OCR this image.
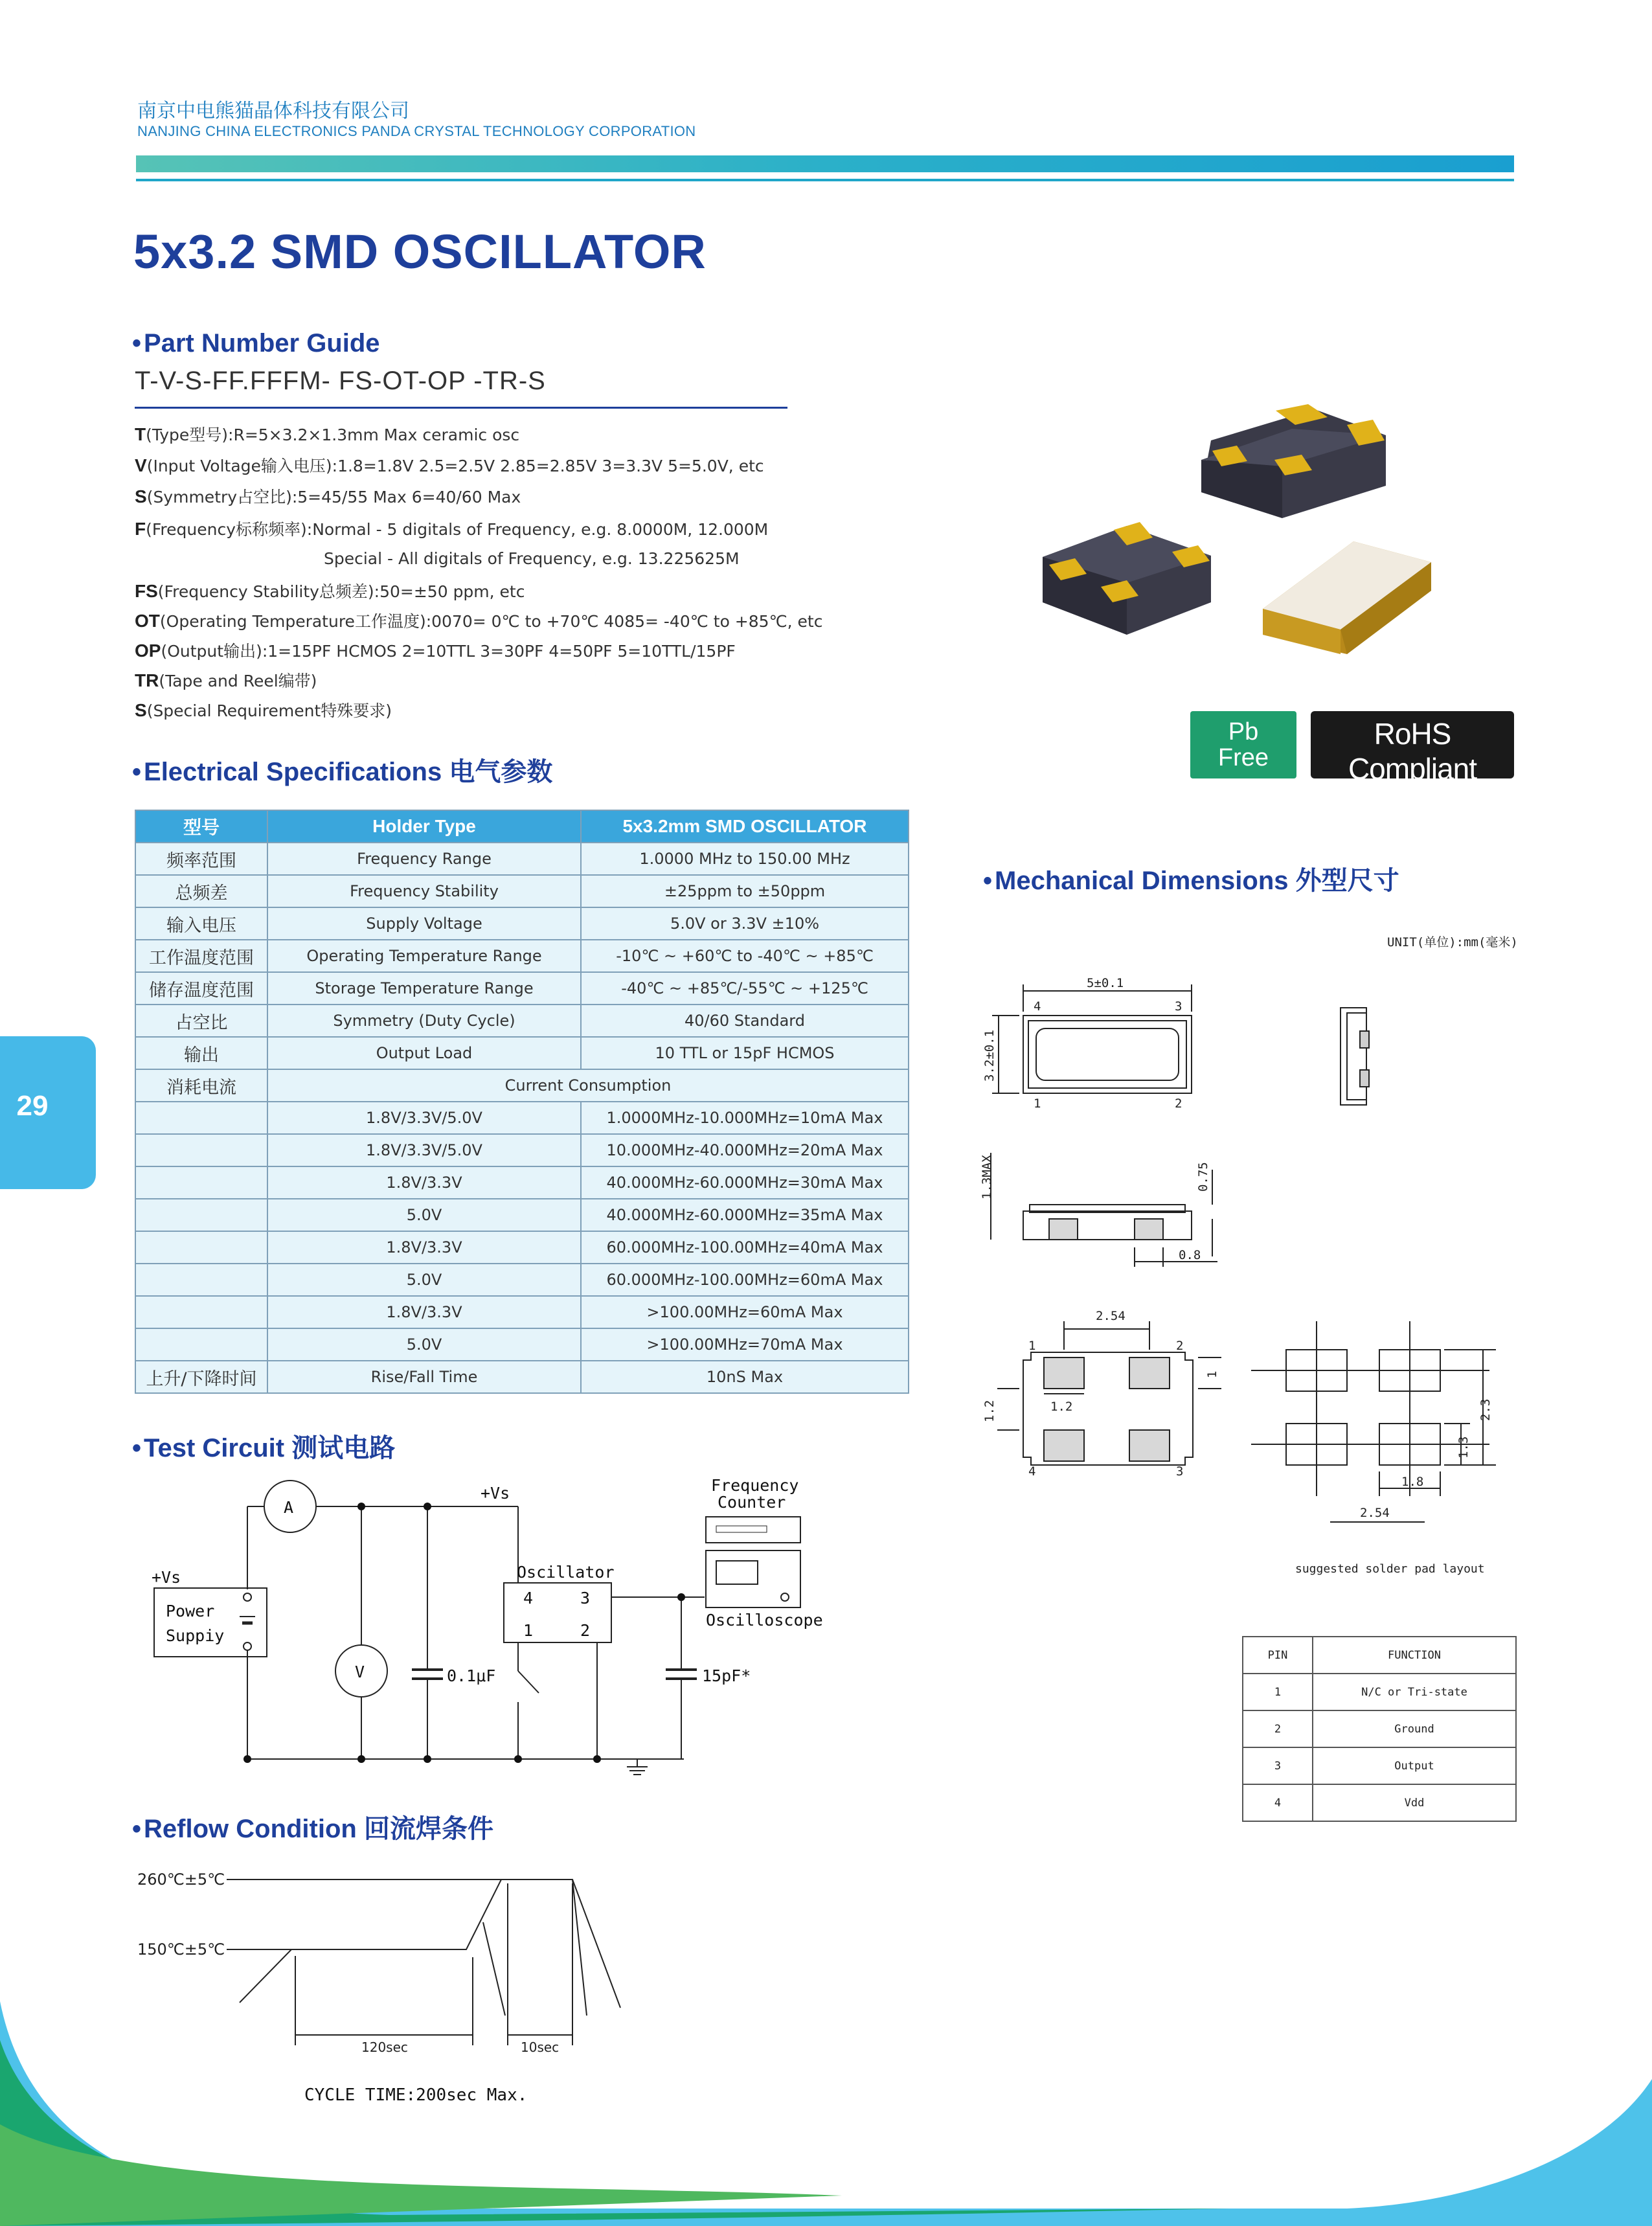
南京中电熊猫晶体科技有限公司
NANJING CHINA ELECTRONICS PANDA CRYSTAL TECHNOLOGY CORPORATION
5x3.2 SMD OSCILLATOR
• Part Number Guide
T-V-S-FF.FFFM- FS-OT-OP -TR-S
T(Type型号):R=5×3.2×1.3mm Max ceramic osc
V(Input Voltage输入电压):1.8=1.8V 2.5=2.5V 2.85=2.85V 3=3.3V 5=5.0V, etc
S(Symmetry占空比):5=45/55 Max 6=40/60 Max
F(Frequency标称频率):Normal - 5 digitals of Frequency, e.g. 8.0000M, 12.000M
Special - All digitals of Frequency, e.g. 13.225625M
FS(Frequency Stability总频差):50=±50 ppm, etc
OT(Operating Temperature工作温度):0070= 0℃ to +70℃ 4085= -40℃ to +85℃, etc
OP(Output输出):1=15PF HCMOS 2=10TTL 3=30PF 4=50PF 5=10TTL/15PF
TR(Tape and Reel编带)
S(Special Requirement特殊要求)
Pb
Free
RoHS Compliant
Directive 2002/95/EC
• Electrical Specifications 电气参数
型号	Holder Type	5x3.2mm SMD OSCILLATOR
频率范围	Frequency Range	1.0000 MHz to 150.00 MHz
总频差	Frequency Stability	±25ppm to ±50ppm
输入电压	Supply Voltage	5.0V or 3.3V ±10%
工作温度范围	Operating Temperature Range	-10℃ ~ +60℃ to -40℃ ~ +85℃
储存温度范围	Storage Temperature Range	-40℃ ~ +85℃/-55℃ ~ +125℃
占空比	Symmetry (Duty Cycle)	40/60 Standard
输出	Output Load	10 TTL or 15pF HCMOS
消耗电流	Current Consumption	
	1.8V/3.3V/5.0V	1.0000MHz-10.000MHz=10mA Max
	1.8V/3.3V/5.0V	10.000MHz-40.000MHz=20mA Max
	1.8V/3.3V	40.000MHz-60.000MHz=30mA Max
	5.0V	40.000MHz-60.000MHz=35mA Max
	1.8V/3.3V	60.000MHz-100.00MHz=40mA Max
	5.0V	60.000MHz-100.00MHz=60mA Max
	1.8V/3.3V	>100.00MHz=60mA Max
	5.0V	>100.00MHz=70mA Max
上升/下降时间	Rise/Fall Time	10nS Max
29
• Mechanical Dimensions 外型尺寸
UNIT(单位):mm(毫米)
5±0.1
3.2±0.1
4	3
1	2
1.3MAX	0.75
0.8
2.54
1.2
1
1.2
1	2
3
4
2.3
1.3
1.8
2.54
suggested solder pad layout
PIN	FUNCTION
1	N/C or Tri-state
2	Ground
3	Output
4	Vdd
• Test Circuit 测试电路
Power
Suppiy
+Vs
+Vs
A
V	0.1μF	15pF*
Oscillator
4	3
1	2
Frequency
Counter
Oscilloscope
• Reflow Condition 回流焊条件
260℃±5℃
150℃±5℃
120sec	10sec
CYCLE TIME:200sec Max.
